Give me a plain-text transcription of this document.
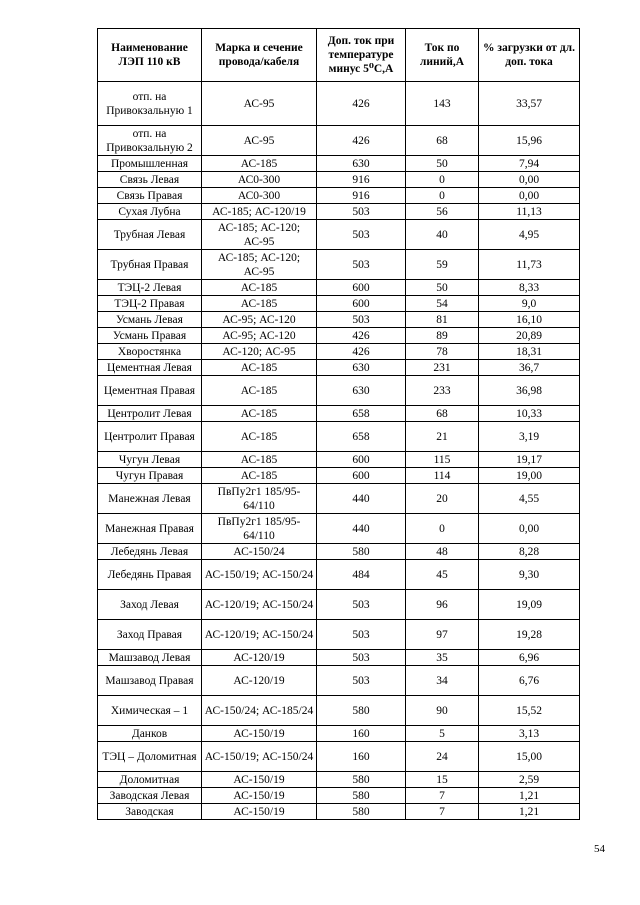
Наименование ЛЭП 110 кВ	Марка и сечение провода/кабеля	Доп. ток при температуре минус 5⁰С,А	Ток по линий,А	% загрузки от дл. доп. тока
отп. на Привокзальную 1	АС-95	426	143	33,57
отп. на Привокзальную 2	АС-95	426	68	15,96
Промышленная	АС-185	630	50	7,94
Связь Левая	АС0-300	916	0	0,00
Связь Правая	АС0-300	916	0	0,00
Сухая Лубна	АС-185; АС-120/19	503	56	11,13
Трубная Левая	АС-185; АС-120; АС-95	503	40	4,95
Трубная Правая	АС-185; АС-120; АС-95	503	59	11,73
ТЭЦ-2 Левая	АС-185	600	50	8,33
ТЭЦ-2 Правая	АС-185	600	54	9,0
Усмань Левая	АС-95; АС-120	503	81	16,10
Усмань Правая	АС-95; АС-120	426	89	20,89
Хворостянка	АС-120; АС-95	426	78	18,31
Цементная Левая	АС-185	630	231	36,7
Цементная Правая	АС-185	630	233	36,98
Центролит Левая	АС-185	658	68	10,33
Центролит Правая	АС-185	658	21	3,19
Чугун Левая	АС-185	600	115	19,17
Чугун Правая	АС-185	600	114	19,00
Манежная Левая	ПвПу2г1 185/95-64/110	440	20	4,55
Манежная Правая	ПвПу2г1 185/95-64/110	440	0	0,00
Лебедянь Левая	АС-150/24	580	48	8,28
Лебедянь Правая	АС-150/19; АС-150/24	484	45	9,30
Заход Левая	АС-120/19; АС-150/24	503	96	19,09
Заход Правая	АС-120/19; АС-150/24	503	97	19,28
Машзавод Левая	АС-120/19	503	35	6,96
Машзавод Правая	АС-120/19	503	34	6,76
Химическая – 1	АС-150/24; АС-185/24	580	90	15,52
Данков	АС-150/19	160	5	3,13
ТЭЦ – Доломитная	АС-150/19; АС-150/24	160	24	15,00
Доломитная	АС-150/19	580	15	2,59
Заводская Левая	АС-150/19	580	7	1,21
Заводская	АС-150/19	580	7	1,21
54
